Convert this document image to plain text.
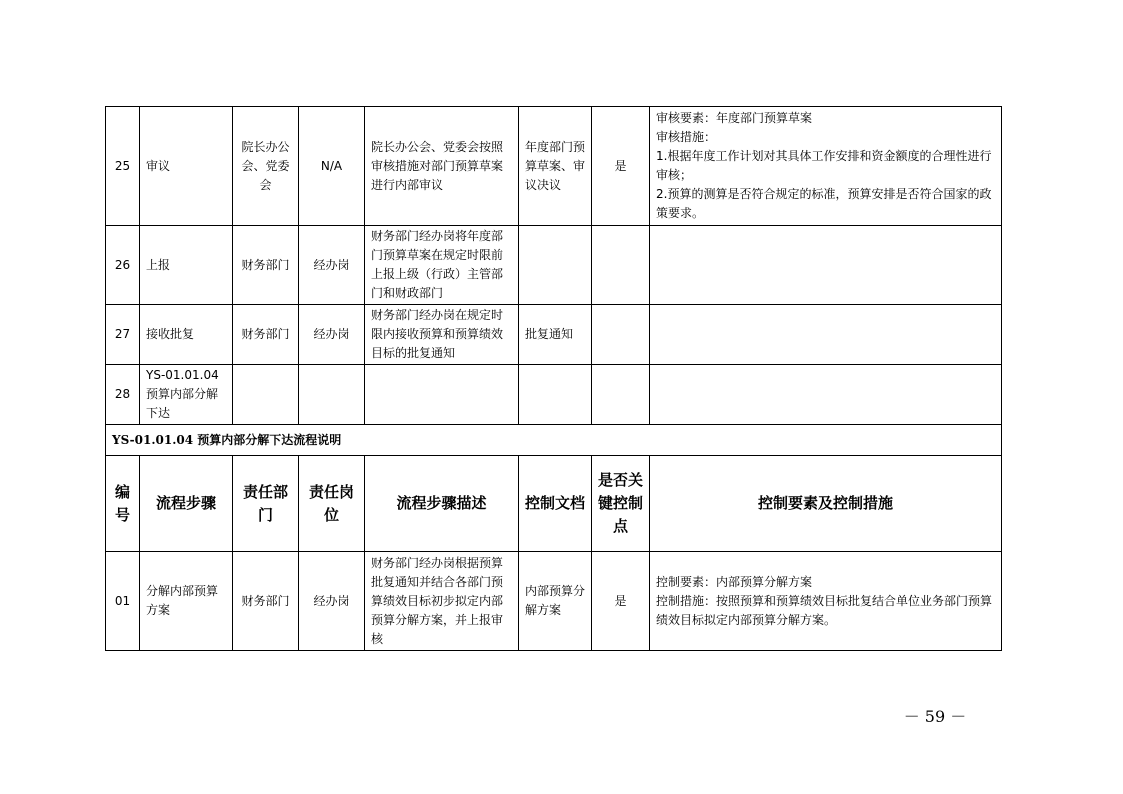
25	审议	院长办公会、党委会	N/A	院长办公会、党委会按照审核措施对部门预算草案进行内部审议	年度部门预算草案、审议决议	是	审核要素：年度部门预算草案
审核措施：
1.根据年度工作计划对其具体工作安排和资金额度的合理性进行审核；
2.预算的测算是否符合规定的标准，预算安排是否符合国家的政策要求。

26	上报	财务部门	经办岗	财务部门经办岗将年度部门预算草案在规定时限前上报上级（行政）主管部门和财政部门			
27	接收批复	财务部门	经办岗	财务部门经办岗在规定时限内接收预算和预算绩效目标的批复通知	批复通知		
28	YS-01.01.04预算内部分解下达						
YS-01.01.04 预算内部分解下达流程说明							
编号	流程步骤	责任部门	责任岗位	流程步骤描述	控制文档	是否关键控制点	控制要素及控制措施
01	分解内部预算方案	财务部门	经办岗	财务部门经办岗根据预算批复通知并结合各部门预算绩效目标初步拟定内部预算分解方案，并上报审核	内部预算分解方案	是	控制要素：内部预算分解方案
控制措施：按照预算和预算绩效目标批复结合单位业务部门预算绩效目标拟定内部预算分解方案。
－ 59 －
